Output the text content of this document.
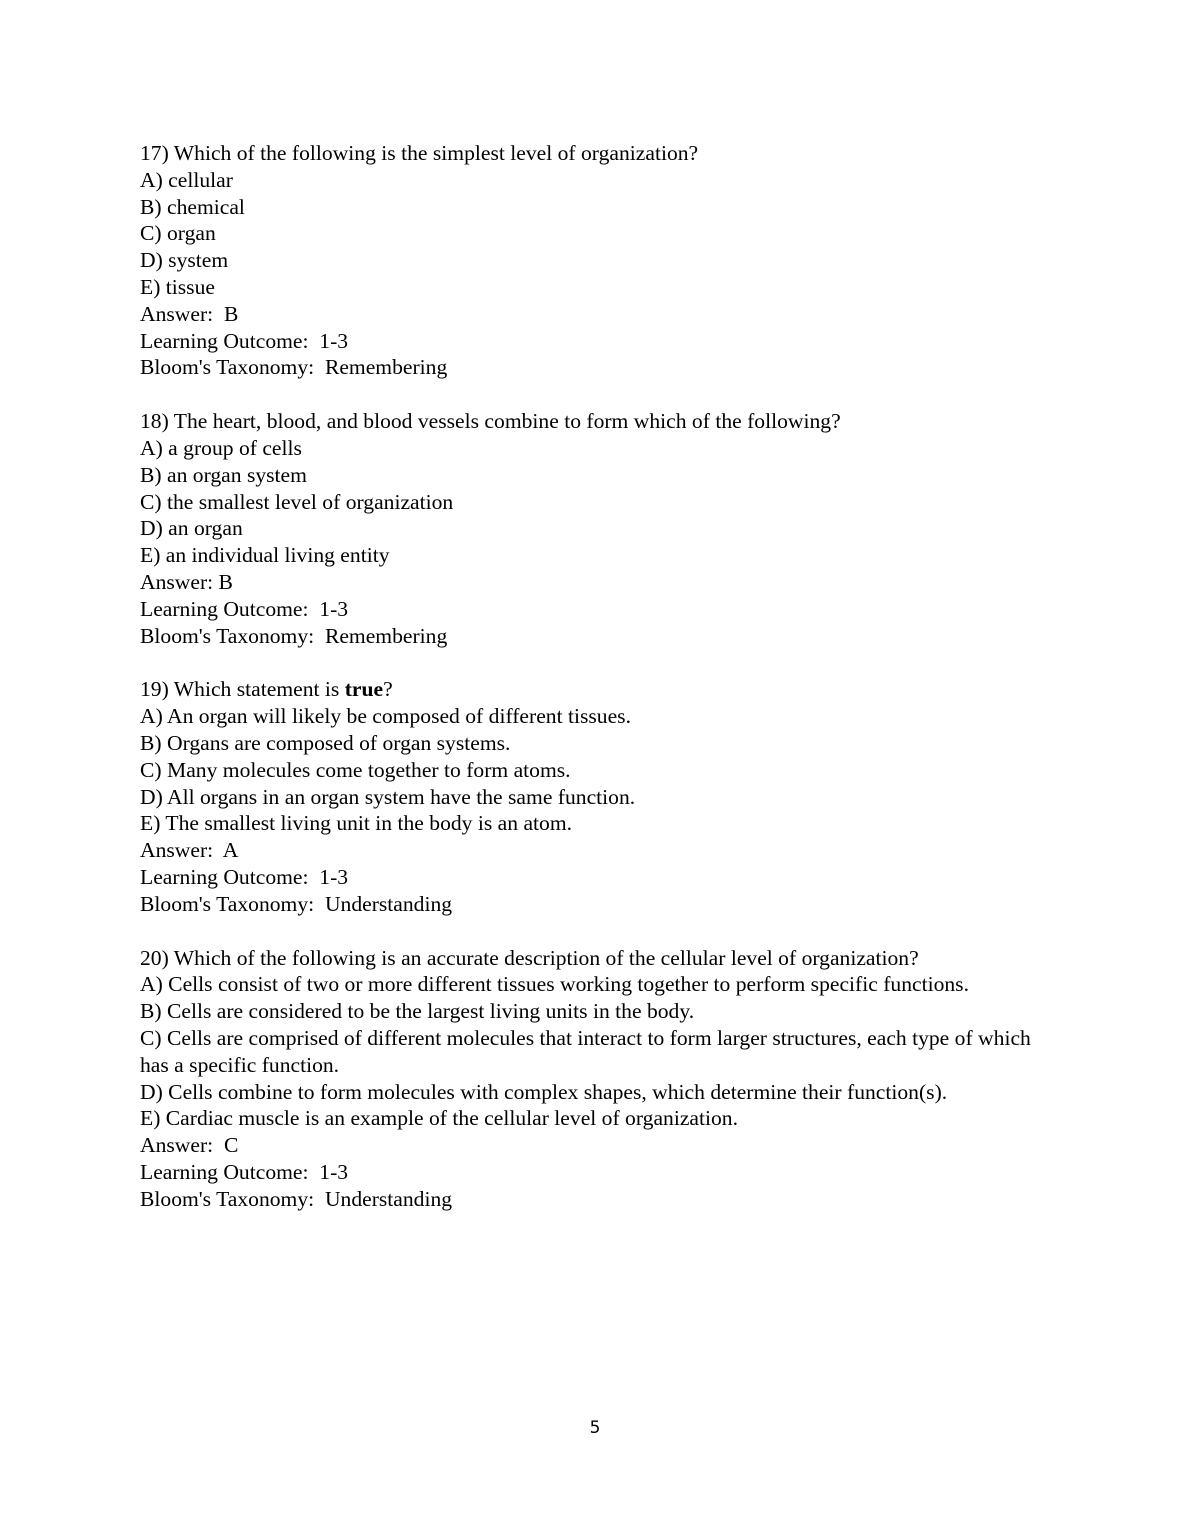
17) Which of the following is the simplest level of organization?
A) cellular
B) chemical
C) organ
D) system
E) tissue
Answer:  B
Learning Outcome:  1-3
Bloom's Taxonomy:  Remembering
18) The heart, blood, and blood vessels combine to form which of the following?
A) a group of cells
B) an organ system
C) the smallest level of organization
D) an organ
E) an individual living entity
Answer: B
Learning Outcome:  1-3
Bloom's Taxonomy:  Remembering
19) Which statement is true?
A) An organ will likely be composed of different tissues.
B) Organs are composed of organ systems.
C) Many molecules come together to form atoms.
D) All organs in an organ system have the same function.
E) The smallest living unit in the body is an atom.
Answer:  A
Learning Outcome:  1-3
Bloom's Taxonomy:  Understanding
20) Which of the following is an accurate description of the cellular level of organization?
A) Cells consist of two or more different tissues working together to perform specific functions.
B) Cells are considered to be the largest living units in the body.
C) Cells are comprised of different molecules that interact to form larger structures, each type of which has a specific function.
D) Cells combine to form molecules with complex shapes, which determine their function(s).
E) Cardiac muscle is an example of the cellular level of organization.
Answer:  C
Learning Outcome:  1-3
Bloom's Taxonomy:  Understanding
5
